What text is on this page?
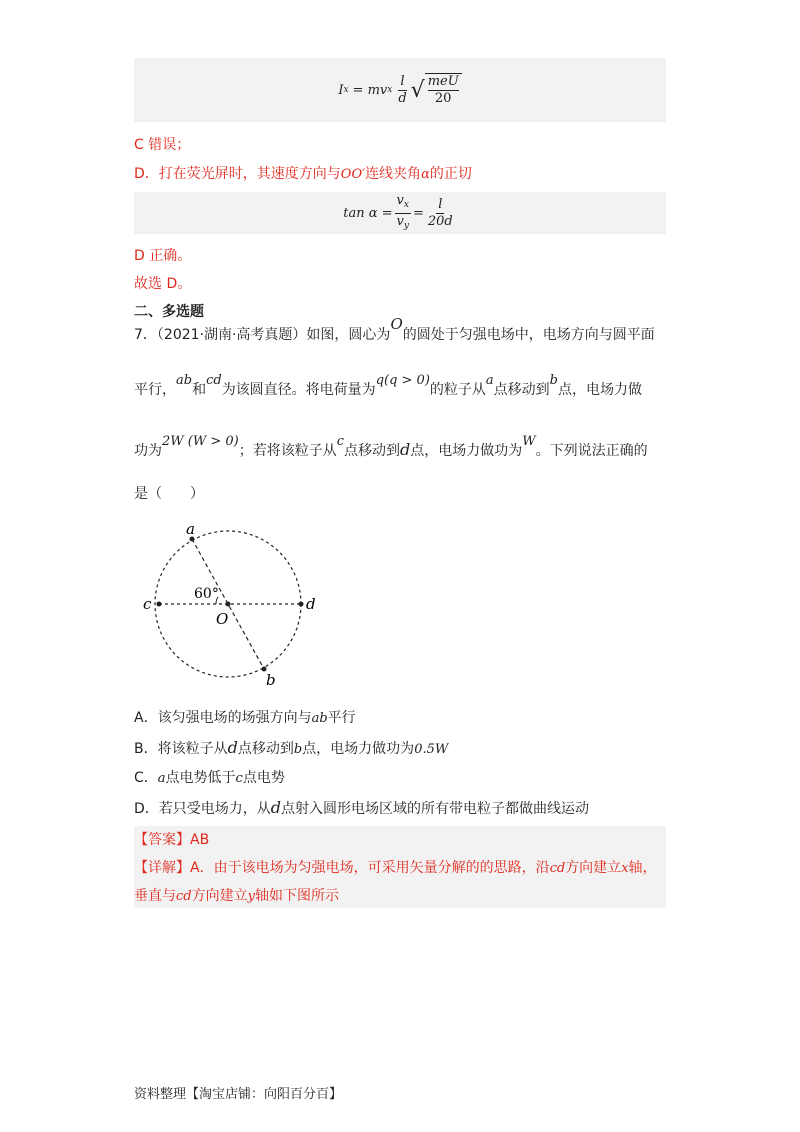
I x = mv x $\frac{l}{d}$ √ meU
20
C 错误；
D．打在荧光屏时，其速度方向与OO′连线夹角α的正切
$\tan \alpha = \frac{v_x}{v_y} = \frac{l}{20d}$
D 正确。
故选 D。
二、多选题
7．（2021·湖南·高考真题）如图，圆心为O的圆处于匀强电场中，电场方向与圆平面
平行，ab和cd为该圆直径。将电荷量为q(q > 0)的粒子从a点移动到b点，电场力做
功为2W (W > 0)；若将该粒子从c点移动到d点，电场力做功为W。下列说法正确的
是（　　）
a
b
c	d
O
60°
A．该匀强电场的场强方向与ab平行
B．将该粒子从d点移动到b点，电场力做功为0.5W
C．a点电势低于c点电势
D．若只受电场力，从d点射入圆形电场区域的所有带电粒子都做曲线运动
【答案】AB
【详解】A．由于该电场为匀强电场，可采用矢量分解的的思路，沿cd方向建立x轴，
垂直与cd方向建立y轴如下图所示
资料整理【淘宝店铺：向阳百分百】
